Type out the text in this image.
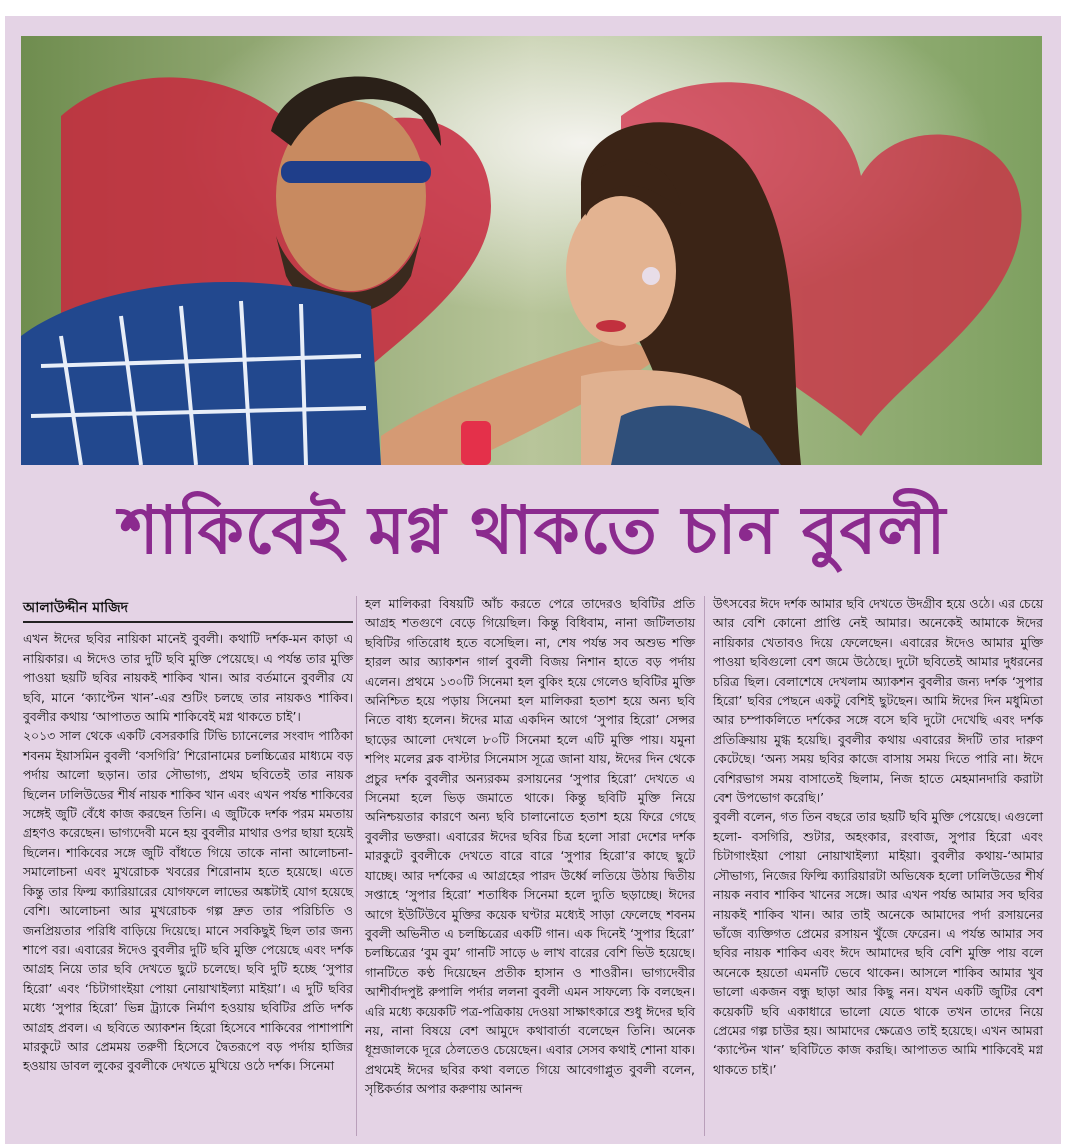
শাকিবেই মগ্ন থাকতে চান বুবলী
আলাউদ্দীন মাজিদ

এখন ঈদের ছবির নায়িকা মানেই বুবলী। কথাটি দর্শক-মন কাড়া এ নায়িকার। এ ঈদেও তার দুটি ছবি মুক্তি পেয়েছে। এ পর্যন্ত তার মুক্তি পাওয়া ছয়টি ছবির নায়কই শাকিব খান। আর বর্তমানে বুবলীর যে ছবি, মানে ‘ক্যাপ্টেন খান’-এর শুটিং চলছে তার নায়কও শাকিব। বুবলীর কথায় ‘আপাতত আমি শাকিবেই মগ্ন থাকতে চাই’।

২০১৩ সাল থেকে একটি বেসরকারি টিভি চ্যানেলের সংবাদ পাঠিকা শবনম ইয়াসমিন বুবলী ‘বসগিরি’ শিরোনামের চলচ্চিত্রের মাধ্যমে বড় পর্দায় আলো ছড়ান। তার সৌভাগ্য, প্রথম ছবিতেই তার নায়ক ছিলেন ঢালিউডের শীর্ষ নায়ক শাকিব খান এবং এখন পর্যন্ত শাকিবের সঙ্গেই জুটি বেঁধে কাজ করছেন তিনি। এ জুটিকে দর্শক পরম মমতায় গ্রহণও করেছেন। ভাগ্যদেবী মনে হয় বুবলীর মাথার ওপর ছায়া হয়েই ছিলেন। শাকিবের সঙ্গে জুটি বাঁধতে গিয়ে তাকে নানা আলোচনা-সমালোচনা এবং মুখরোচক খবরের শিরোনাম হতে হয়েছে। এতে কিন্তু তার ফিল্ম ক্যারিয়ারের যোগফলে লাভের অঙ্কটাই যোগ হয়েছে বেশি। আলোচনা আর মুখরোচক গল্প দ্রুত তার পরিচিতি ও জনপ্রিয়তার পরিধি বাড়িয়ে দিয়েছে। মানে সবকিছুই ছিল তার জন্য শাপে বর। এবারের ঈদেও বুবলীর দুটি ছবি মুক্তি পেয়েছে এবং দর্শক আগ্রহ নিয়ে তার ছবি দেখতে ছুটে চলেছে। ছবি দুটি হচ্ছে ‘সুপার হিরো’ এবং ‘চিটাগাংইয়া পোয়া নোয়াখাইল্যা মাইয়া’। এ দুটি ছবির মধ্যে ‘সুপার হিরো’ ভিন্ন ট্র্যাকে নির্মাণ হওয়ায় ছবিটির প্রতি দর্শক আগ্রহ প্রবল। এ ছবিতে অ্যাকশন হিরো হিসেবে শাকিবের পাশাপাশি মারকুটে আর প্রেমময় তরুণী হিসেবে দ্বৈতরূপে বড় পর্দায় হাজির হওয়ায় ডাবল লুকের বুবলীকে দেখতে মুখিয়ে ওঠে দর্শক। সিনেমা

হল মালিকরা বিষয়টি আঁচ করতে পেরে তাদেরও ছবিটির প্রতি আগ্রহ শতগুণে বেড়ে গিয়েছিল। কিন্তু বিধিবাম, নানা জটিলতায় ছবিটির গতিরোধ হতে বসেছিল। না, শেষ পর্যন্ত সব অশুভ শক্তি হারল আর অ্যাকশন গার্ল বুবলী বিজয় নিশান হাতে বড় পর্দায় এলেন। প্রথমে ১৩০টি সিনেমা হল বুকিং হয়ে গেলেও ছবিটির মুক্তি অনিশ্চিত হয়ে পড়ায় সিনেমা হল মালিকরা হতাশ হয়ে অন্য ছবি নিতে বাধ্য হলেন। ঈদের মাত্র একদিন আগে ‘সুপার হিরো’ সেন্সর ছাড়ের আলো দেখলে ৮০টি সিনেমা হলে এটি মুক্তি পায়। যমুনা শপিং মলের ব্লক বাস্টার সিনেমাস সূত্রে জানা যায়, ঈদের দিন থেকে প্রচুর দর্শক বুবলীর অন্যরকম রসায়নের ‘সুপার হিরো’ দেখতে এ সিনেমা হলে ভিড় জমাতে থাকে। কিন্তু ছবিটি মুক্তি নিয়ে অনিশ্চয়তার কারণে অন্য ছবি চালানোতে হতাশ হয়ে ফিরে গেছে বুবলীর ভক্তরা। এবারের ঈদের ছবির চিত্র হলো সারা দেশের দর্শক মারকুটে বুবলীকে দেখতে বারে বারে ‘সুপার হিরো’র কাছে ছুটে যাচ্ছে। আর দর্শকের এ আগ্রহের পারদ উর্ধ্বে লতিয়ে উঠায় দ্বিতীয় সপ্তাহে ‘সুপার হিরো’ শতাধিক সিনেমা হলে দ্যুতি ছড়াচ্ছে। ঈদের আগে ইউটিউবে মুক্তির কয়েক ঘণ্টার মধ্যেই সাড়া ফেলেছে শবনম বুবলী অভিনীত এ চলচ্চিত্রের একটি গান। এক দিনেই ‘সুপার হিরো’ চলচ্চিত্রের ‘বুম বুম’ গানটি সাড়ে ৬ লাখ বারের বেশি ভিউ হয়েছে। গানটিতে কণ্ঠ দিয়েছেন প্রতীক হাসান ও শাওরীন। ভাগ্যদেবীর আশীর্বাদপুষ্ট রুপালি পর্দার ললনা বুবলী এমন সাফল্যে কি বলছেন। এরি মধ্যে কয়েকটি পত্র-পত্রিকায় দেওয়া সাক্ষাৎকারে শুধু ঈদের ছবি নয়, নানা বিষয়ে বেশ আমুদে কথাবার্তা বলেছেন তিনি। অনেক ধূম্রজালকে দূরে ঠেলতেও চেয়েছেন। এবার সেসব কথাই শোনা যাক। প্রথমেই ঈদের ছবির কথা বলতে গিয়ে আবেগাপ্লুত বুবলী বলেন, সৃষ্টিকর্তার অপার করুণায় আনন্দ

উৎসবের ঈদে দর্শক আমার ছবি দেখতে উদগ্রীব হয়ে ওঠে। এর চেয়ে আর বেশি কোনো প্রাপ্তি নেই আমার। অনেকেই আমাকে ঈদের নায়িকার খেতাবও দিয়ে ফেলেছেন। এবারের ঈদেও আমার মুক্তি পাওয়া ছবিগুলো বেশ জমে উঠেছে। দুটো ছবিতেই আমার দুধরনের চরিত্র ছিল। বেলাশেষে দেখলাম অ্যাকশন বুবলীর জন্য দর্শক ‘সুপার হিরো’ ছবির পেছনে একটু বেশিই ছুটছেন। আমি ঈদের দিন মধুমিতা আর চম্পাকলিতে দর্শকের সঙ্গে বসে ছবি দুটো দেখেছি এবং দর্শক প্রতিক্রিয়ায় মুগ্ধ হয়েছি। বুবলীর কথায় এবারের ঈদটি তার দারুণ কেটেছে। ‘অন্য সময় ছবির কাজে বাসায় সময় দিতে পারি না। ঈদে বেশিরভাগ সময় বাসাতেই ছিলাম, নিজ হাতে মেহমানদারি করাটা বেশ উপভোগ করেছি।’

বুবলী বলেন, গত তিন বছরে তার ছয়টি ছবি মুক্তি পেয়েছে। এগুলো হলো- বসগিরি, শুটার, অহংকার, রংবাজ, সুপার হিরো এবং চিটাগাংইয়া পোয়া নোয়াখাইল্যা মাইয়া। বুবলীর কথায়-‘আমার সৌভাগ্য, নিজের ফিল্মি ক্যারিয়ারটা অভিষেক হলো ঢালিউডের শীর্ষ নায়ক নবাব শাকিব খানের সঙ্গে। আর এখন পর্যন্ত আমার সব ছবির নায়কই শাকিব খান। আর তাই অনেকে আমাদের পর্দা রসায়নের ভাঁজে ব্যক্তিগত প্রেমের রসায়ন খুঁজে ফেরেন। এ পর্যন্ত আমার সব ছবির নায়ক শাকিব এবং ঈদে আমাদের ছবি বেশি মুক্তি পায় বলে অনেকে হয়তো এমনটি ভেবে থাকেন। আসলে শাকিব আমার খুব ভালো একজন বন্ধু ছাড়া আর কিছু নন। যখন একটি জুটির বেশ কয়েকটি ছবি একাধারে ভালো যেতে থাকে তখন তাদের নিয়ে প্রেমের গল্প চাউর হয়। আমাদের ক্ষেত্রেও তাই হয়েছে। এখন আমরা ‘ক্যাপ্টেন খান’ ছবিটিতে কাজ করছি। আপাতত আমি শাকিবেই মগ্ন থাকতে চাই।’
